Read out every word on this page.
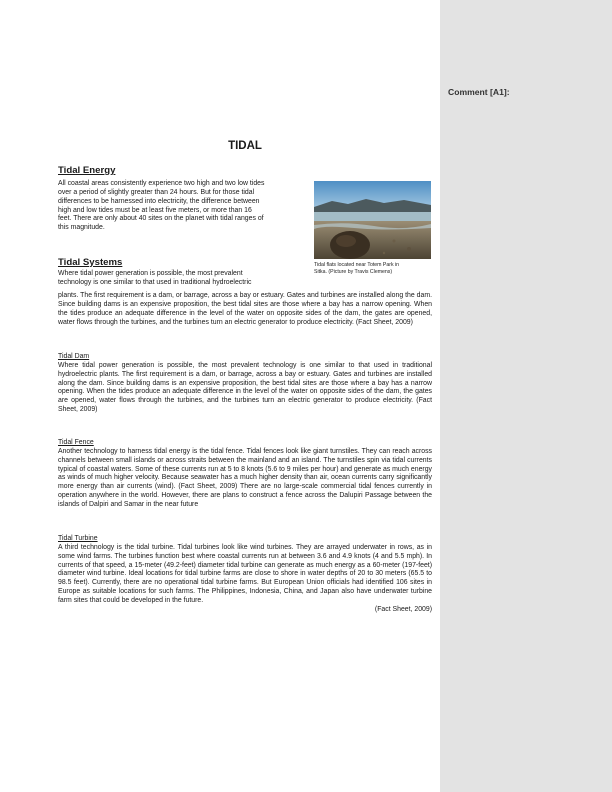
Comment [A1]:
TIDAL
Tidal Energy

All coastal areas consistently experience two high and two low tides

over a period of slightly greater than 24 hours. But for those tidal

differences to be harnessed into electricity, the difference between

high and low tides must be at least five meters, or more than 16

feet. There are only about 40 sites on the planet with tidal ranges of

this magnitude.

Tidal flats located near Totem Park in
Sitka. (Picture by Travis Clemens)
Tidal Systems

Where tidal power generation is possible, the most prevalent

technology is one similar to that used in traditional hydroelectric

plants. The first requirement is a dam, or barrage, across a bay or estuary. Gates and turbines are installed along the dam. Since building dams is an expensive proposition, the best tidal sites are those where a bay has a narrow opening. When the tides produce an adequate difference in the level of the water on opposite sides of the dam, the gates are opened, water flows through the turbines, and the turbines turn an electric generator to produce electricity. (Fact Sheet, 2009)

Tidal Dam

Where tidal power generation is possible, the most prevalent technology is one similar to that used in traditional hydroelectric plants. The first requirement is a dam, or barrage, across a bay or estuary. Gates and turbines are installed along the dam. Since building dams is an expensive proposition, the best tidal sites are those where a bay has a narrow opening. When the tides produce an adequate difference in the level of the water on opposite sides of the dam, the gates are opened, water flows through the turbines, and the turbines turn an electric generator to produce electricity. (Fact Sheet, 2009)

Tidal Fence

Another technology to harness tidal energy is the tidal fence. Tidal fences look like giant turnstiles. They can reach across channels between small islands or across straits between the mainland and an island. The turnstiles spin via tidal currents typical of coastal waters. Some of these currents run at 5 to 8 knots (5.6 to 9 miles per hour) and generate as much energy as winds of much higher velocity. Because seawater has a much higher density than air, ocean currents carry significantly more energy than air currents (wind). (Fact Sheet, 2009) There are no large-scale commercial tidal fences currently in operation anywhere in the world. However, there are plans to construct a fence across the Dalupiri Passage between the islands of Dalpiri and Samar in the near future

Tidal Turbine

A third technology is the tidal turbine. Tidal turbines look like wind turbines. They are arrayed underwater in rows, as in some wind farms. The turbines function best where coastal currents run at between 3.6 and 4.9 knots (4 and 5.5 mph). In currents of that speed, a 15-meter (49.2-feet) diameter tidal turbine can generate as much energy as a 60-meter (197-feet) diameter wind turbine. Ideal locations for tidal turbine farms are close to shore in water depths of 20 to 30 meters (65.5 to 98.5 feet). Currently, there are no operational tidal turbine farms. But European Union officials had identified 106 sites in Europe as suitable locations for such farms. The Philippines, Indonesia, China, and Japan also have underwater turbine farm sites that could be developed in the future.

(Fact Sheet, 2009)
